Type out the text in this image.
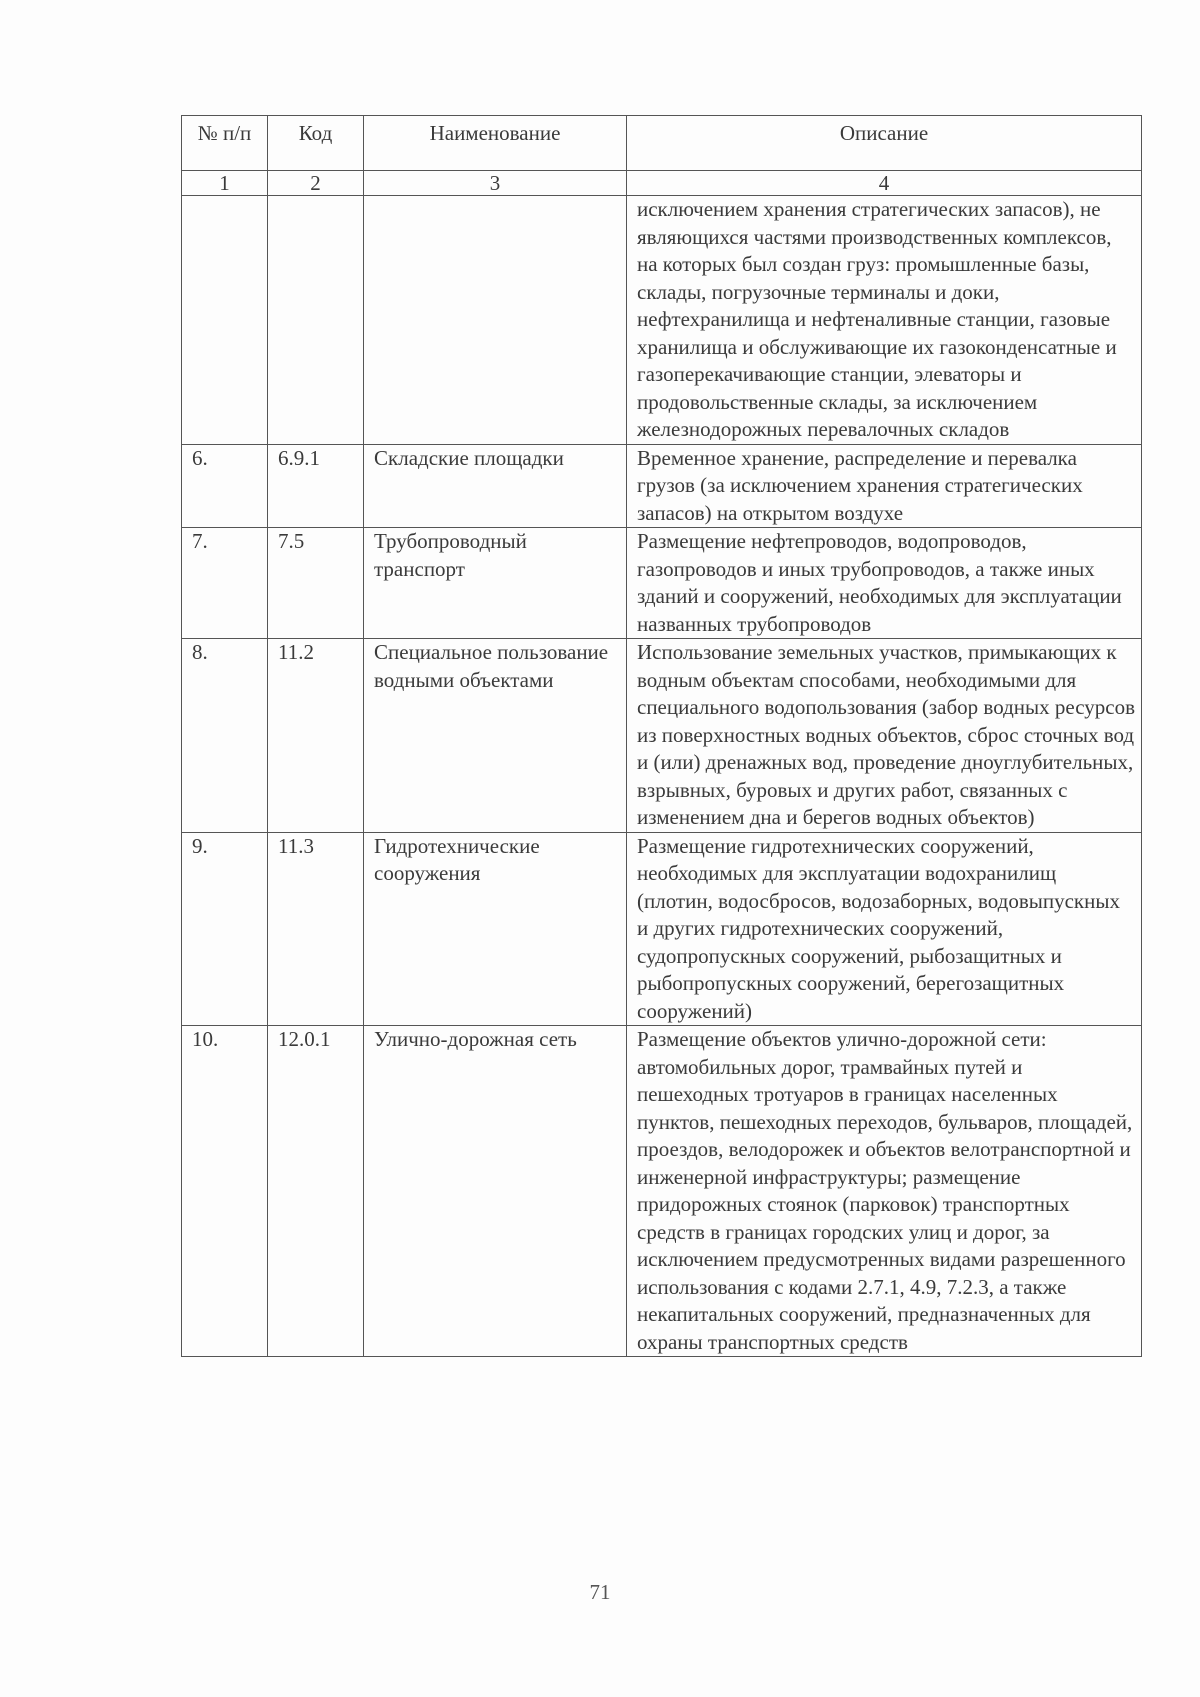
№ п/п	Код	Наименование	Описание
1	2	3	4
			исключением хранения стратегических запасов), не являющихся частями производственных комплексов, на которых был создан груз: промышленные базы, склады, погрузочные терминалы и доки, нефтехранилища и нефтеналивные станции, газовые хранилища и обслуживающие их газоконденсатные и газоперекачивающие станции, элеваторы и продовольственные склады, за исключением железнодорожных перевалочных складов
6.	6.9.1	Складские площадки	Временное хранение, распределение и перевалка грузов (за исключением хранения стратегических запасов) на открытом воздухе
7.	7.5	Трубопроводный транспорт	Размещение нефтепроводов, водопроводов, газопроводов и иных трубопроводов, а также иных зданий и сооружений, необходимых для эксплуатации названных трубопроводов
8.	11.2	Специальное пользование водными объектами	Использование земельных участков, примыкающих к водным объектам способами, необходимыми для специального водопользования (забор водных ресурсов из поверхностных водных объектов, сброс сточных вод и (или) дренажных вод, проведение дноуглубительных, взрывных, буровых и других работ, связанных с изменением дна и берегов водных объектов)
9.	11.3	Гидротехнические сооружения	Размещение гидротехнических сооружений, необходимых для эксплуатации водохранилищ (плотин, водосбросов, водозаборных, водовыпускных и других гидротехнических сооружений, судопропускных сооружений, рыбозащитных и рыбопропускных сооружений, берегозащитных сооружений)
10.	12.0.1	Улично-дорожная сеть	Размещение объектов улично-дорожной сети: автомобильных дорог, трамвайных путей и пешеходных тротуаров в границах населенных пунктов, пешеходных переходов, бульваров, площадей, проездов, велодорожек и объектов велотранспортной и инженерной инфраструктуры; размещение придорожных стоянок (парковок) транспортных средств в границах городских улиц и дорог, за исключением предусмотренных видами разрешенного использования с кодами 2.7.1, 4.9, 7.2.3, а также некапитальных сооружений, предназначенных для охраны транспортных средств
71
